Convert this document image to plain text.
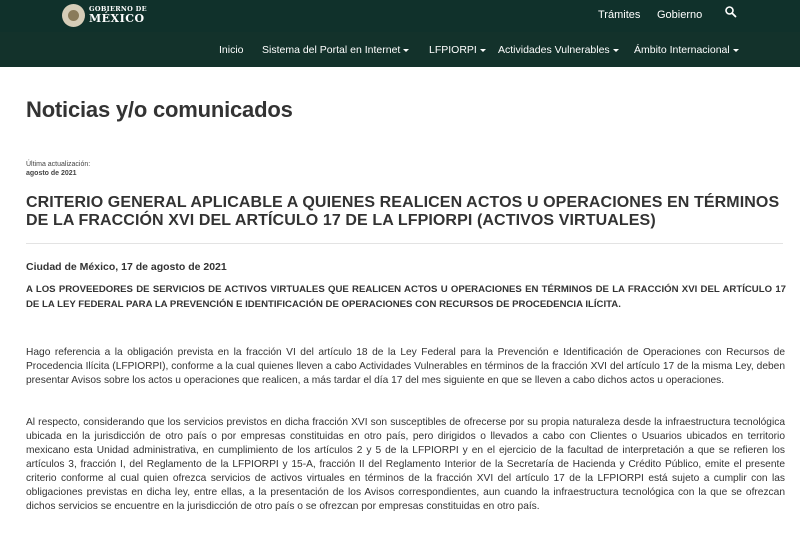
GOBIERNO DE
MÉXICO	Trámites Gobierno
Inicio Sistema del Portal en Internet	LFPIORPI	Actividades Vulnerables	Ámbito Internacional
Noticias y/o comunicados
Última actualización:
agosto de 2021
CRITERIO GENERAL APLICABLE A QUIENES REALICEN ACTOS U OPERACIONES EN TÉRMINOS DE LA FRACCIÓN XVI DEL ARTÍCULO 17 DE LA LFPIORPI (ACTIVOS VIRTUALES)
Ciudad de México, 17 de agosto de 2021
A LOS PROVEEDORES DE SERVICIOS DE ACTIVOS VIRTUALES QUE REALICEN ACTOS U OPERACIONES EN TÉRMINOS DE LA FRACCIÓN XVI DEL ARTÍCULO 17 DE LA LEY FEDERAL PARA LA PREVENCIÓN E IDENTIFICACIÓN DE OPERACIONES CON RECURSOS DE PROCEDENCIA ILÍCITA.

Hago referencia a la obligación prevista en la fracción VI del artículo 18 de la Ley Federal para la Prevención e Identificación de Operaciones con Recursos de Procedencia Ilícita (LFPIORPI), conforme a la cual quienes lleven a cabo Actividades Vulnerables en términos de la fracción XVI del artículo 17 de la misma Ley, deben presentar Avisos sobre los actos u operaciones que realicen, a más tardar el día 17 del mes siguiente en que se lleven a cabo dichos actos u operaciones.

Al respecto, considerando que los servicios previstos en dicha fracción XVI son susceptibles de ofrecerse por su propia naturaleza desde la infraestructura tecnológica ubicada en la jurisdicción de otro país o por empresas constituidas en otro país, pero dirigidos o llevados a cabo con Clientes o Usuarios ubicados en territorio mexicano esta Unidad administrativa, en cumplimiento de los artículos 2 y 5 de la LFPIORPI y en el ejercicio de la facultad de interpretación a que se refieren los artículos 3, fracción I, del Reglamento de la LFPIORPI y 15-A, fracción II del Reglamento Interior de la Secretaría de Hacienda y Crédito Público, emite el presente criterio conforme al cual quien ofrezca servicios de activos virtuales en términos de la fracción XVI del artículo 17 de la LFPIORPI está sujeto a cumplir con las obligaciones previstas en dicha ley, entre ellas, a la presentación de los Avisos correspondientes, aun cuando la infraestructura tecnológica con la que se ofrezcan dichos servicios se encuentre en la jurisdicción de otro país o se ofrezcan por empresas constituidas en otro país.
